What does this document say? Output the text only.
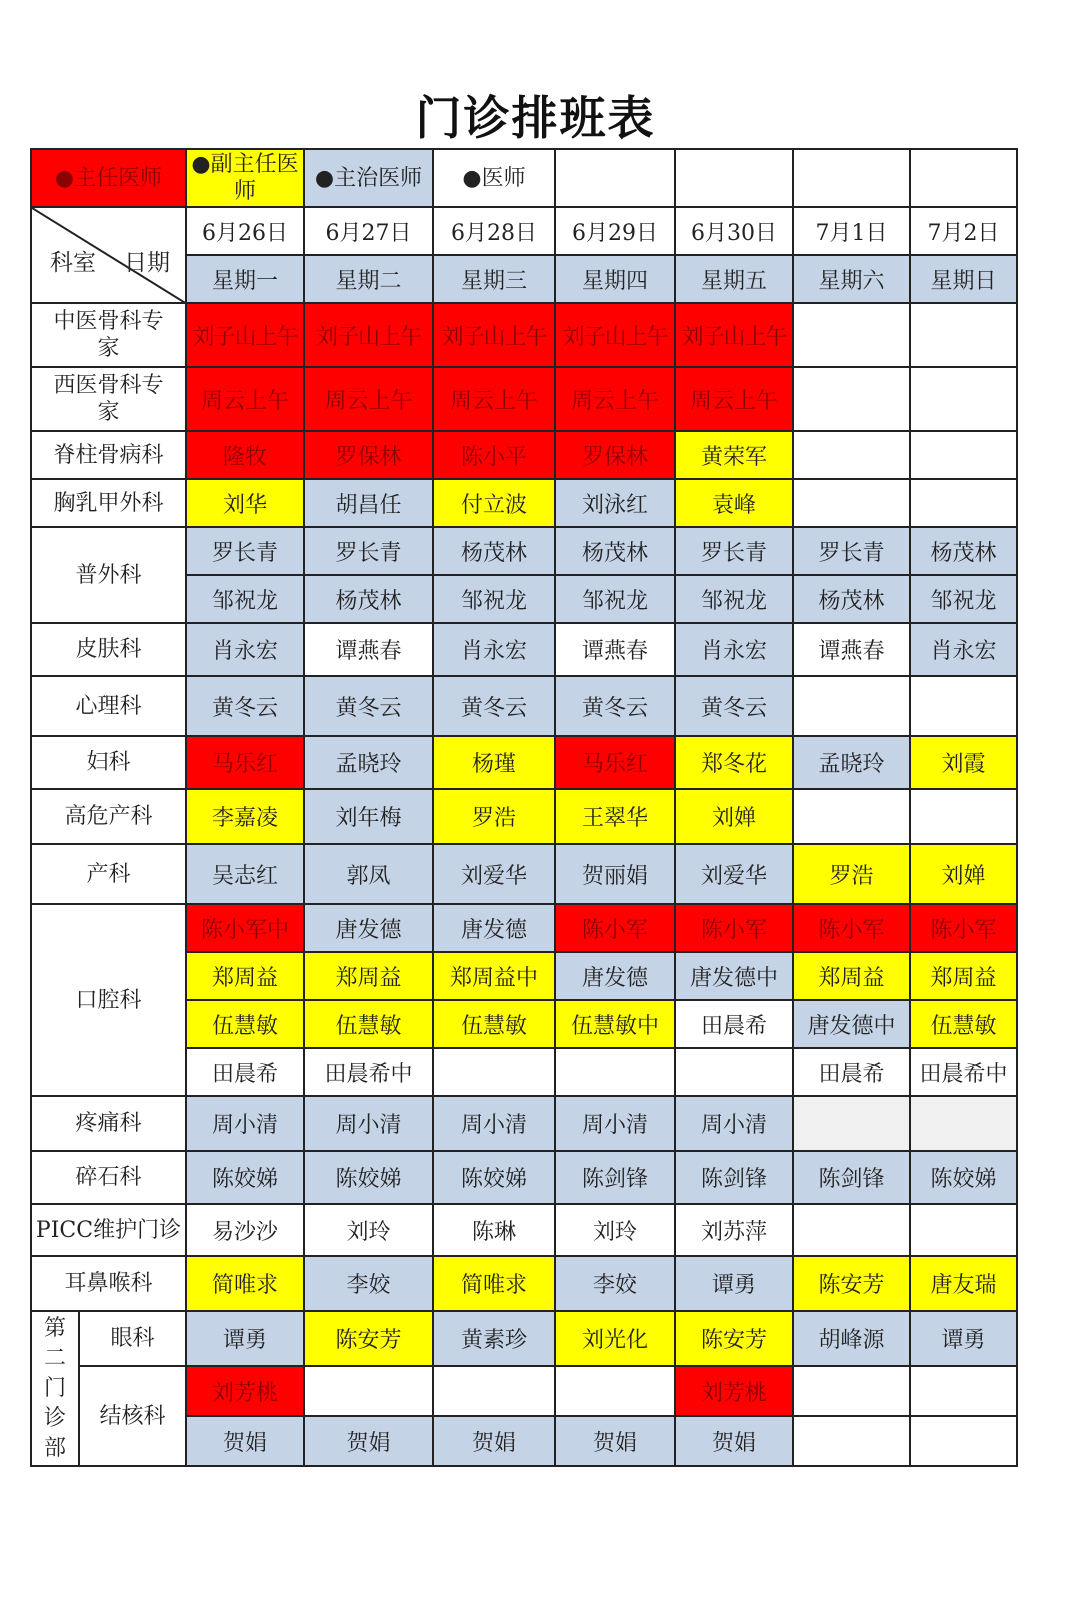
门诊排班表
●主任医师		●副主任医师	●主治医师	●医师				

科室 日期		6月26日	6月27日	6月28日	6月29日	6月30日	7月1日	7月2日
		星期一	星期二	星期三	星期四	星期五	星期六	星期日
中医骨科专家		刘子山上午	刘子山上午	刘子山上午	刘子山上午	刘子山上午		
西医骨科专家		周云上午	周云上午	周云上午	周云上午	周云上午		
脊柱骨病科		隆牧	罗保林	陈小平	罗保林	黄荣军		
胸乳甲外科		刘华	胡昌任	付立波	刘泳红	袁峰		
普外科		罗长青	罗长青	杨茂林	杨茂林	罗长青	罗长青	杨茂林
		邹祝龙	杨茂林	邹祝龙	邹祝龙	邹祝龙	杨茂林	邹祝龙
皮肤科		肖永宏	谭燕春	肖永宏	谭燕春	肖永宏	谭燕春	肖永宏
心理科		黄冬云	黄冬云	黄冬云	黄冬云	黄冬云		
妇科		马乐红	孟晓玲	杨瑾	马乐红	郑冬花	孟晓玲	刘霞
高危产科		李嘉凌	刘年梅	罗浩	王翠华	刘婵		
产科		吴志红	郭凤	刘爱华	贺丽娟	刘爱华	罗浩	刘婵
口腔科		陈小军中	唐发德	唐发德	陈小军	陈小军	陈小军	陈小军
		郑周益	郑周益	郑周益中	唐发德	唐发德中	郑周益	郑周益
		伍慧敏	伍慧敏	伍慧敏	伍慧敏中	田晨希	唐发德中	伍慧敏
		田晨希	田晨希中				田晨希	田晨希中
疼痛科		周小清	周小清	周小清	周小清	周小清		
碎石科		陈姣娣	陈姣娣	陈姣娣	陈剑锋	陈剑锋	陈剑锋	陈姣娣
PICC维护门诊		易沙沙	刘玲	陈琳	刘玲	刘苏萍		
耳鼻喉科		简唯求	李姣	简唯求	李姣	谭勇	陈安芳	唐友瑞

第二门诊部	眼科	谭勇	陈安芳	黄素珍	刘光化	陈安芳	胡峰源	谭勇
	结核科	刘芳桃				刘芳桃		
		贺娟	贺娟	贺娟	贺娟	贺娟		
